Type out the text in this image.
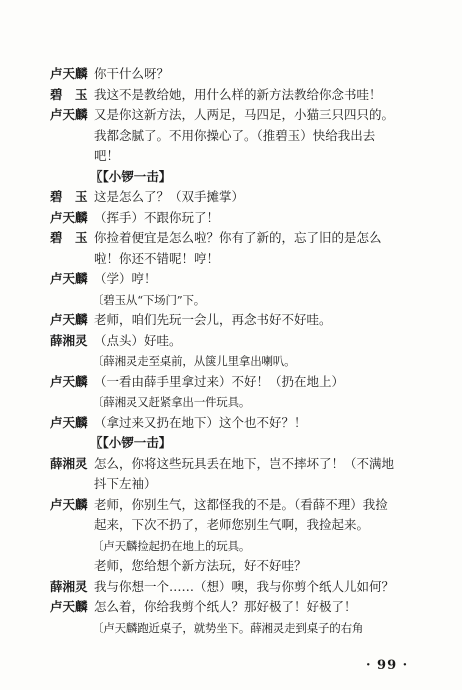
卢天麟 你干什么呀？
碧　玉 我这不是教给她，用什么样的新方法教给你念书哇！
卢天麟 又是你这新方法，人两足，马四足，小猫三只四只的。
我都念腻了。不用你操心了。（推碧玉）快给我出去
吧！
〖【小锣一击】
碧　玉 这是怎么了？（双手摊掌）
卢天麟 （挥手）不跟你玩了！
碧　玉 你捡着便宜是怎么啦？你有了新的，忘了旧的是怎么
啦！你还不错呢！哼！
卢天麟 （学）哼！
〔碧玉从“下场门”下。
卢天麟 老师，咱们先玩一会儿，再念书好不好哇。
薛湘灵 （点头）好哇。
〔薛湘灵走至桌前，从箧儿里拿出喇叭。
卢天麟 （一看由薛手里拿过来）不好！（扔在地上）
〔薛湘灵又赶紧拿出一件玩具。
卢天麟 （拿过来又扔在地下）这个也不好？！
〖【小锣一击】
薛湘灵 怎么，你将这些玩具丢在地下，岂不摔坏了！（不满地
抖下左袖）
卢天麟 老师，你别生气，这都怪我的不是。（看薛不理）我捡
起来，下次不扔了，老师您别生气啊，我捡起来。
〔卢天麟捡起扔在地上的玩具。
老师，您给想个新方法玩，好不好哇？
薛湘灵 我与你想一个……（想）噢，我与你剪个纸人儿如何？
卢天麟 怎么着，你给我剪个纸人？那好极了！好极了！
〔卢天麟跑近桌子，就势坐下。薛湘灵走到桌子的右角
· 99 ·
